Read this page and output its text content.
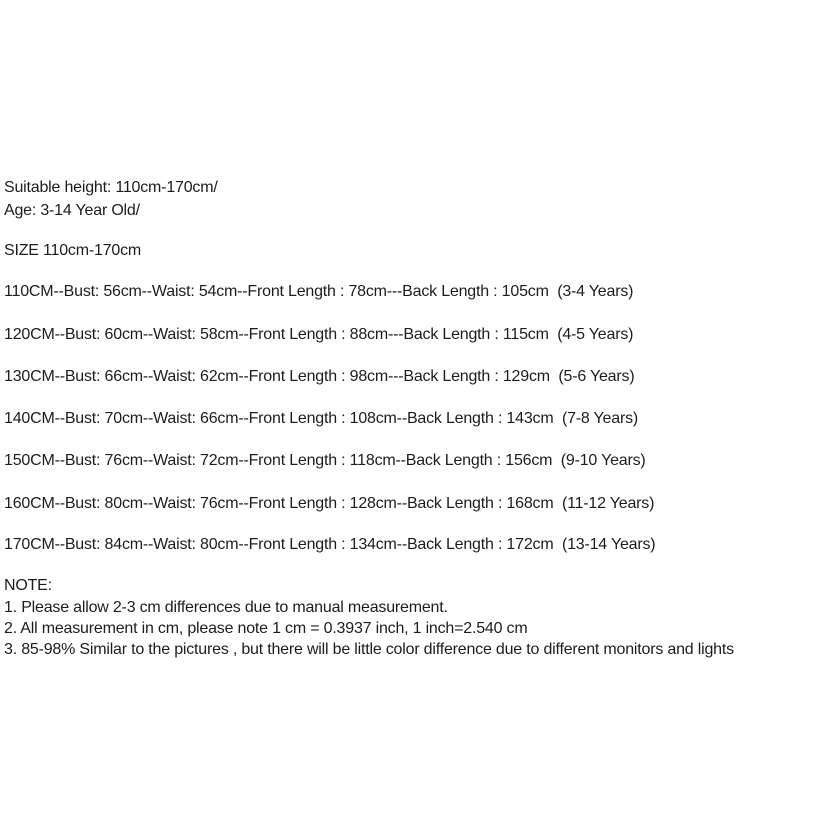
Suitable height: 110cm-170cm/
Age: 3-14 Year Old/
SIZE 110cm-170cm
110CM--Bust: 56cm--Waist: 54cm--Front Length : 78cm---Back Length : 105cm  (3-4 Years)
120CM--Bust: 60cm--Waist: 58cm--Front Length : 88cm---Back Length : 115cm  (4-5 Years)
130CM--Bust: 66cm--Waist: 62cm--Front Length : 98cm---Back Length : 129cm  (5-6 Years)
140CM--Bust: 70cm--Waist: 66cm--Front Length : 108cm--Back Length : 143cm  (7-8 Years)
150CM--Bust: 76cm--Waist: 72cm--Front Length : 118cm--Back Length : 156cm  (9-10 Years)
160CM--Bust: 80cm--Waist: 76cm--Front Length : 128cm--Back Length : 168cm  (11-12 Years)
170CM--Bust: 84cm--Waist: 80cm--Front Length : 134cm--Back Length : 172cm  (13-14 Years)
NOTE:
1. Please allow 2-3 cm differences due to manual measurement.
2. All measurement in cm, please note 1 cm = 0.3937 inch, 1 inch=2.540 cm
3. 85-98% Similar to the pictures , but there will be little color difference due to different monitors and lights
